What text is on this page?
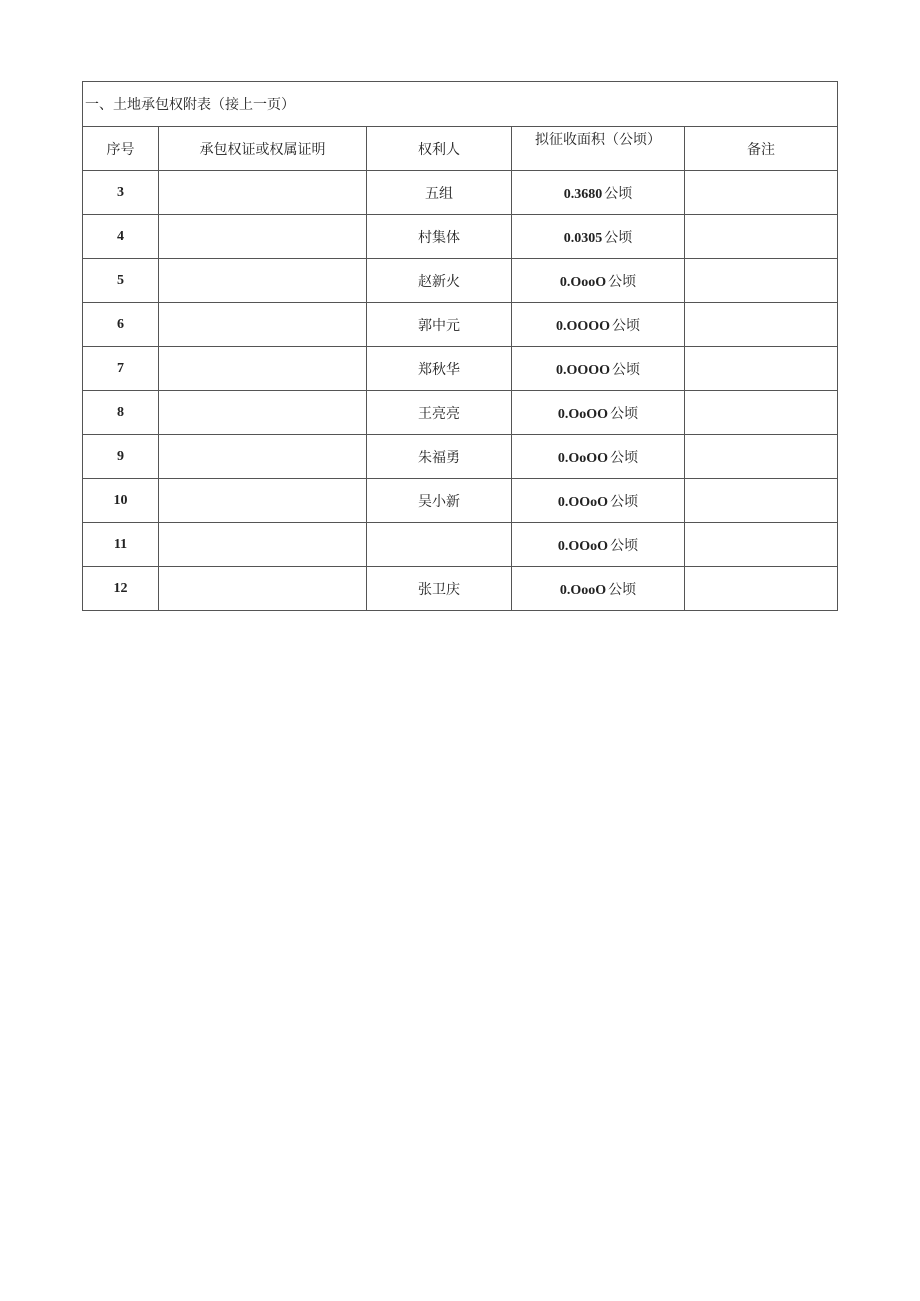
一、土地承包权附表（接上一页）				
序号	承包权证或权属证明	权利人	拟征收面积（公顷）	备注
3		五组	0.3680 公顷	
4		村集体	0.0305 公顷	
5		赵新火	0.OooO 公顷	
6		郭中元	0.OOOO 公顷	
7		郑秋华	0.OOOO 公顷	
8		王亮亮	0.OoOO 公顷	
9		朱福勇	0.OoOO 公顷	
10		吴小新	0.OOoO 公顷	
11			0.OOoO 公顷	
12		张卫庆	0.OooO 公顷	
